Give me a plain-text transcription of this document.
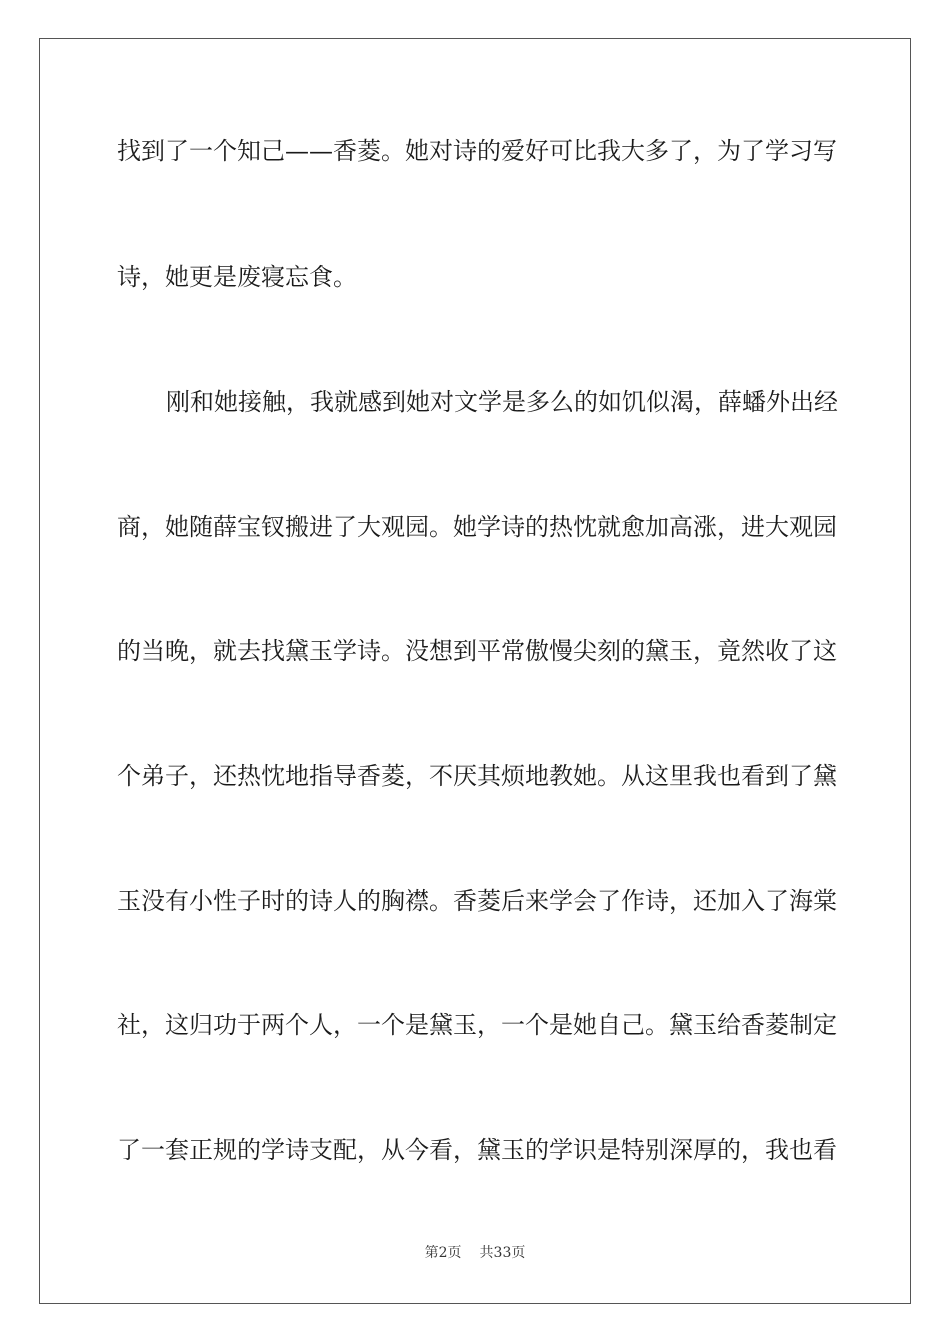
找到了一个知己——香菱。她对诗的爱好可比我大多了，为了学习写
诗，她更是废寝忘食。
刚和她接触，我就感到她对文学是多么的如饥似渴，薛蟠外出经
商，她随薛宝钗搬进了大观园。她学诗的热忱就愈加高涨，进大观园
的当晚，就去找黛玉学诗。没想到平常傲慢尖刻的黛玉，竟然收了这
个弟子，还热忱地指导香菱，不厌其烦地教她。从这里我也看到了黛
玉没有小性子时的诗人的胸襟。香菱后来学会了作诗，还加入了海棠
社，这归功于两个人，一个是黛玉，一个是她自己。黛玉给香菱制定
了一套正规的学诗支配，从今看，黛玉的学识是特别深厚的，我也看
第2页 共33页
